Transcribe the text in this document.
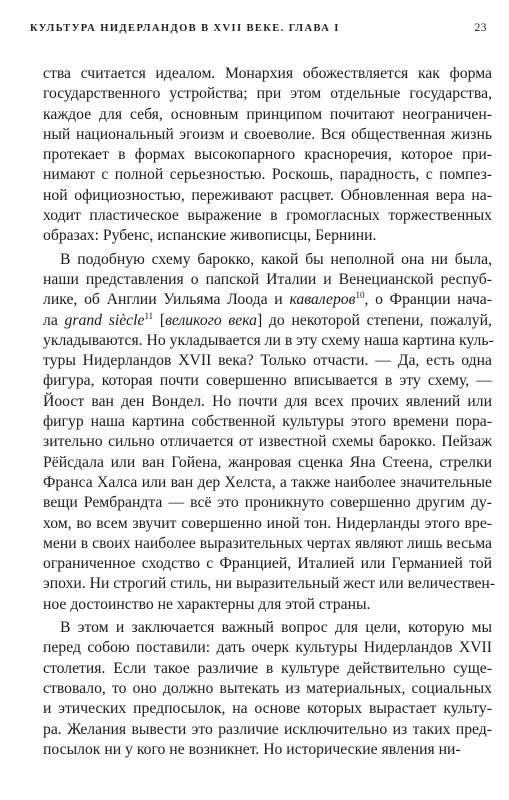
КУЛЬТУРА НИДЕРЛАНДОВ В XVII ВЕКЕ. ГЛАВА I	23
ства считается идеалом. Монархия обожествляется как форма
государственного устройства; при этом отдельные государства,
каждое для себя, основным принципом почитают неограничен-
ный национальный эгоизм и своеволие. Вся общественная жизнь
протекает в формах высокопарного красноречия, которое при-
нимают с полной серьезностью. Роскошь, парадность, с помпез-
ной официозностью, переживают расцвет. Обновленная вера на-
ходит пластическое выражение в громогласных торжественных
образах: Рубенс, испанские живописцы, Бернини.
В подобную схему барокко, какой бы неполной она ни была,
наши представления о папской Италии и Венецианской респуб-
лике, об Англии Уильяма Лоода и кавалеров$^{10}$, о Франции нача-
ла grand siècle$^{11}$ [великого века] до некоторой степени, пожалуй,
укладываются. Но укладывается ли в эту схему наша картина куль-
туры Нидерландов XVII века? Только отчасти. — Да, есть одна
фигура, которая почти совершенно вписывается в эту схему, —
Йоост ван ден Вондел. Но почти для всех прочих явлений или
фигур наша картина собственной культуры этого времени пора-
зительно сильно отличается от известной схемы барокко. Пейзаж
Рёйсдала или ван Гойена, жанровая сценка Яна Стеена, стрелки
Франса Халса или ван дер Хелста, а также наиболее значительные
вещи Рембрандта — всё это проникнуто совершенно другим ду-
хом, во всем звучит совершенно иной тон. Нидерланды этого вре-
мени в своих наиболее выразительных чертах являют лишь весьма
ограниченное сходство с Францией, Италией или Германией той
эпохи. Ни строгий стиль, ни выразительный жест или величествен-
ное достоинство не характерны для этой страны.
В этом и заключается важный вопрос для цели, которую мы
перед собою поставили: дать очерк культуры Нидерландов XVII
столетия. Если такое различие в культуре действительно суще-
ствовало, то оно должно вытекать из материальных, социальных
и этических предпосылок, на основе которых вырастает культу-
ра. Желания вывести это различие исключительно из таких пред-
посылок ни у кого не возникнет. Но исторические явления ни-
